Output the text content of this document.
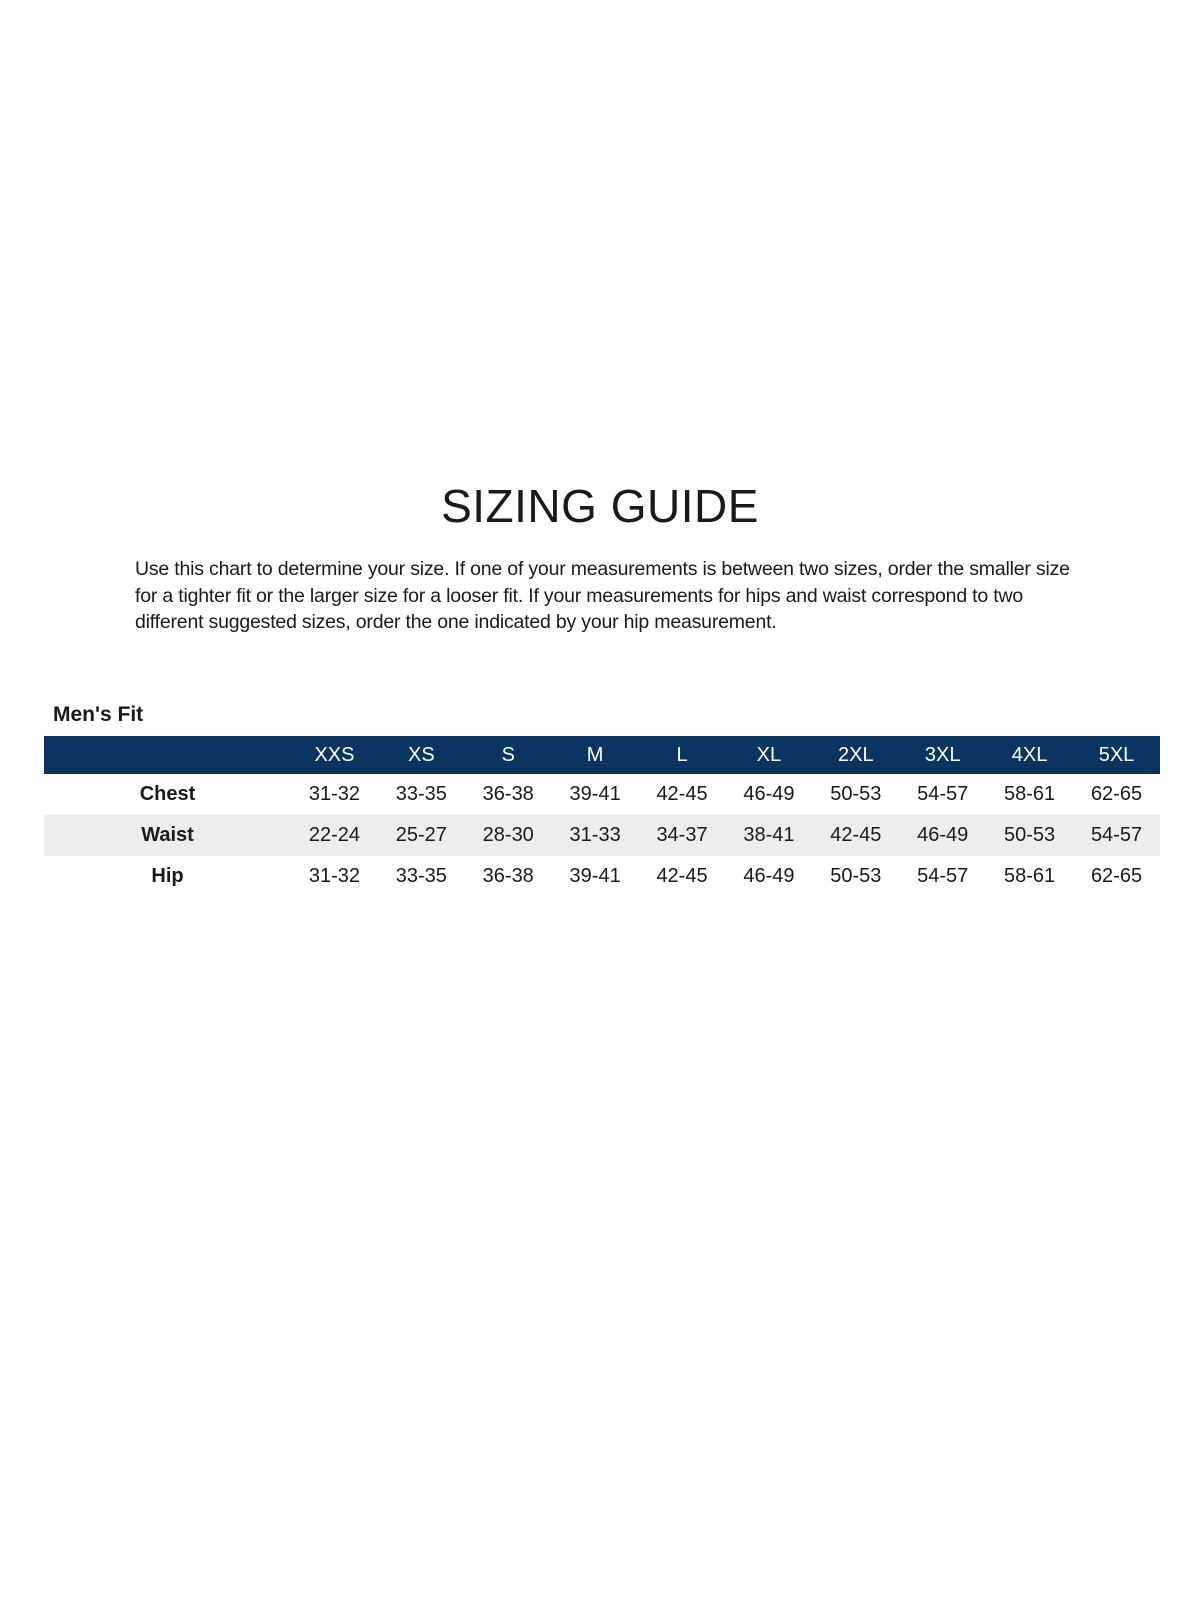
SIZING GUIDE

Use this chart to determine your size. If one of your measurements is between two sizes, order the smaller size for a tighter fit or the larger size for a looser fit. If your measurements for hips and waist correspond to two different suggested sizes, order the one indicated by your hip measurement.

Men's Fit
	XXS	XS	S	M	L	XL	2XL	3XL	4XL	5XL
Chest	31-32	33-35	36-38	39-41	42-45	46-49	50-53	54-57	58-61	62-65
Waist	22-24	25-27	28-30	31-33	34-37	38-41	42-45	46-49	50-53	54-57
Hip	31-32	33-35	36-38	39-41	42-45	46-49	50-53	54-57	58-61	62-65
